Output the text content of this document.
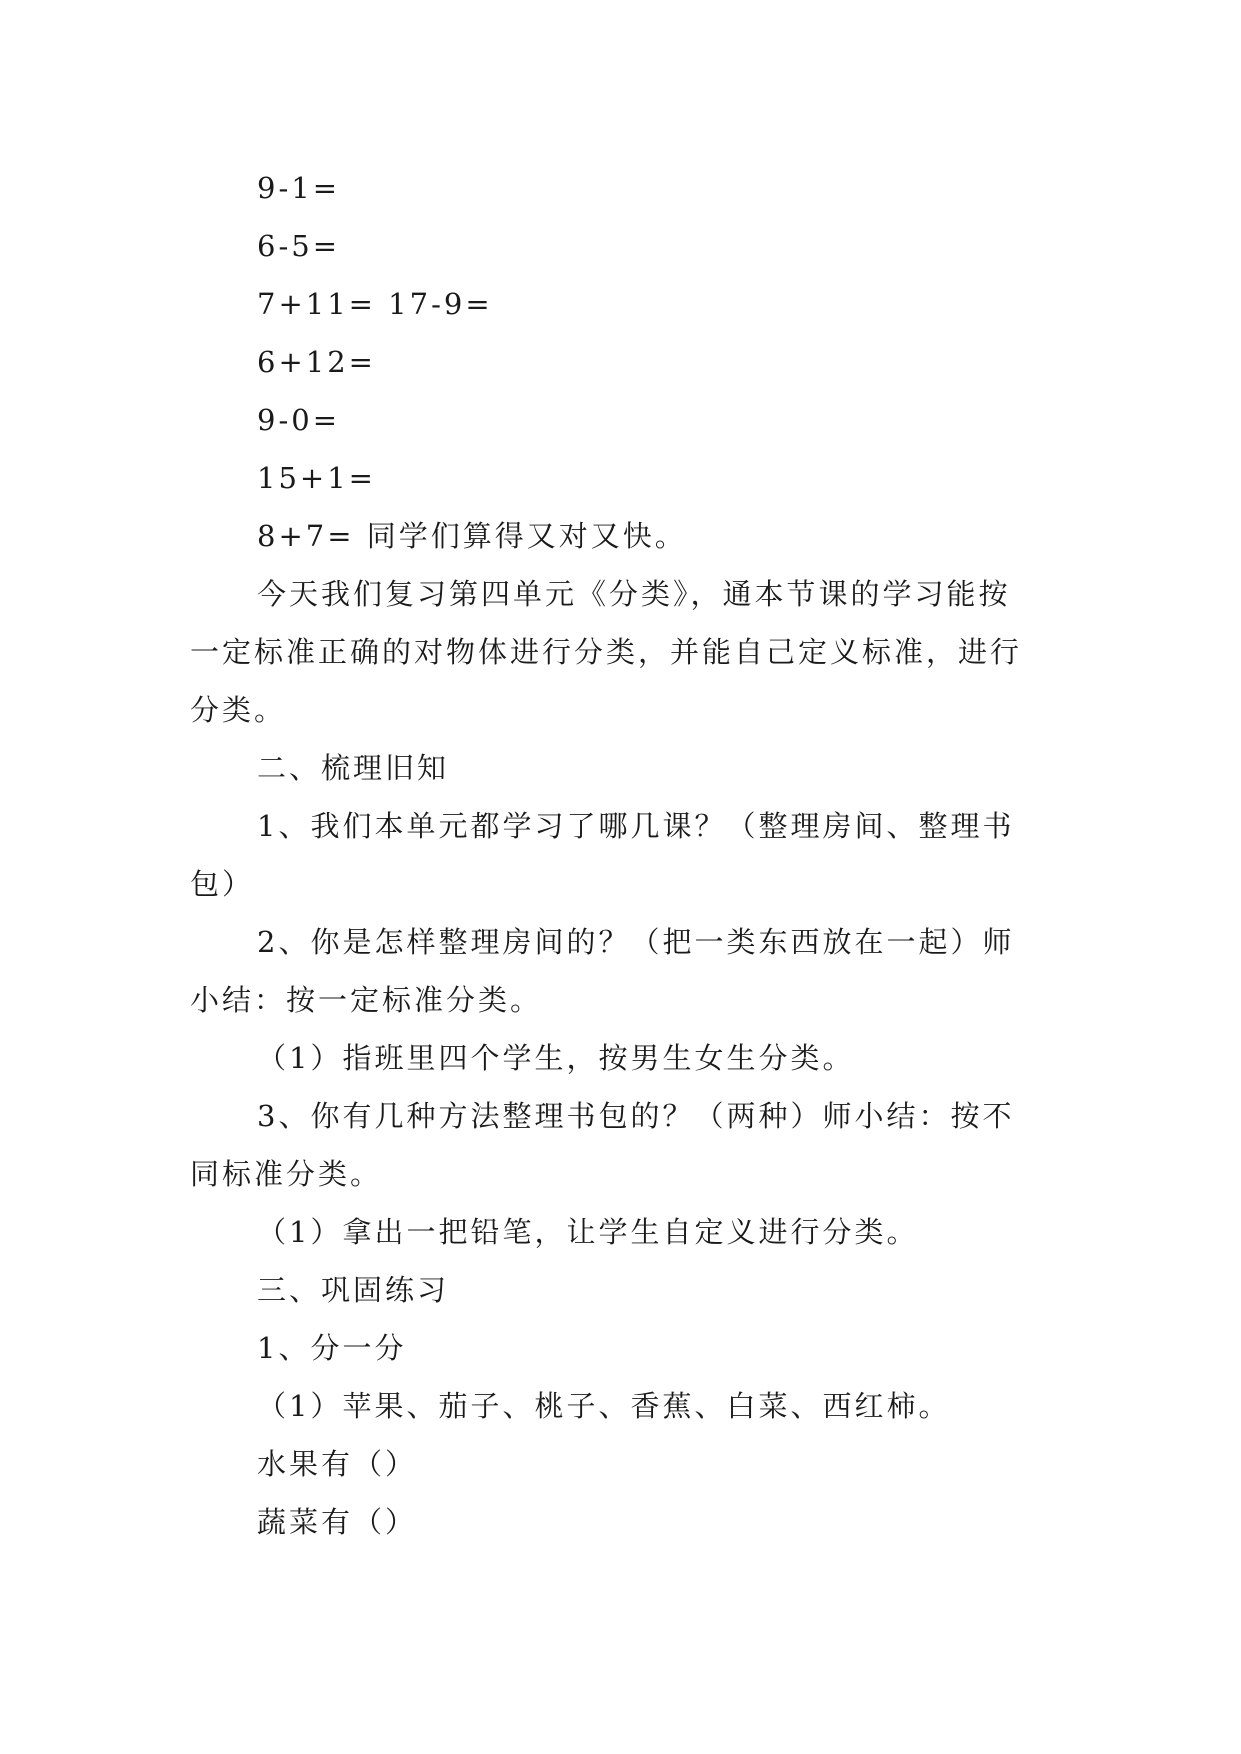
9-1=
6-5=
7+11= 17-9=
6+12=
9-0=
15+1=
8+7= 同学们算得又对又快。
今天我们复习第四单元《分类》，通本节课的学习能按
一定标准正确的对物体进行分类，并能自己定义标准，进行
分类。
二、梳理旧知
1、我们本单元都学习了哪几课？（整理房间、整理书
包）
2、你是怎样整理房间的？（把一类东西放在一起）师
小结：按一定标准分类。
（1）指班里四个学生，按男生女生分类。
3、你有几种方法整理书包的？（两种）师小结：按不
同标准分类。
（1）拿出一把铅笔，让学生自定义进行分类。
三、巩固练习
1、分一分
（1）苹果、茄子、桃子、香蕉、白菜、西红柿。
水果有（）
蔬菜有（）
